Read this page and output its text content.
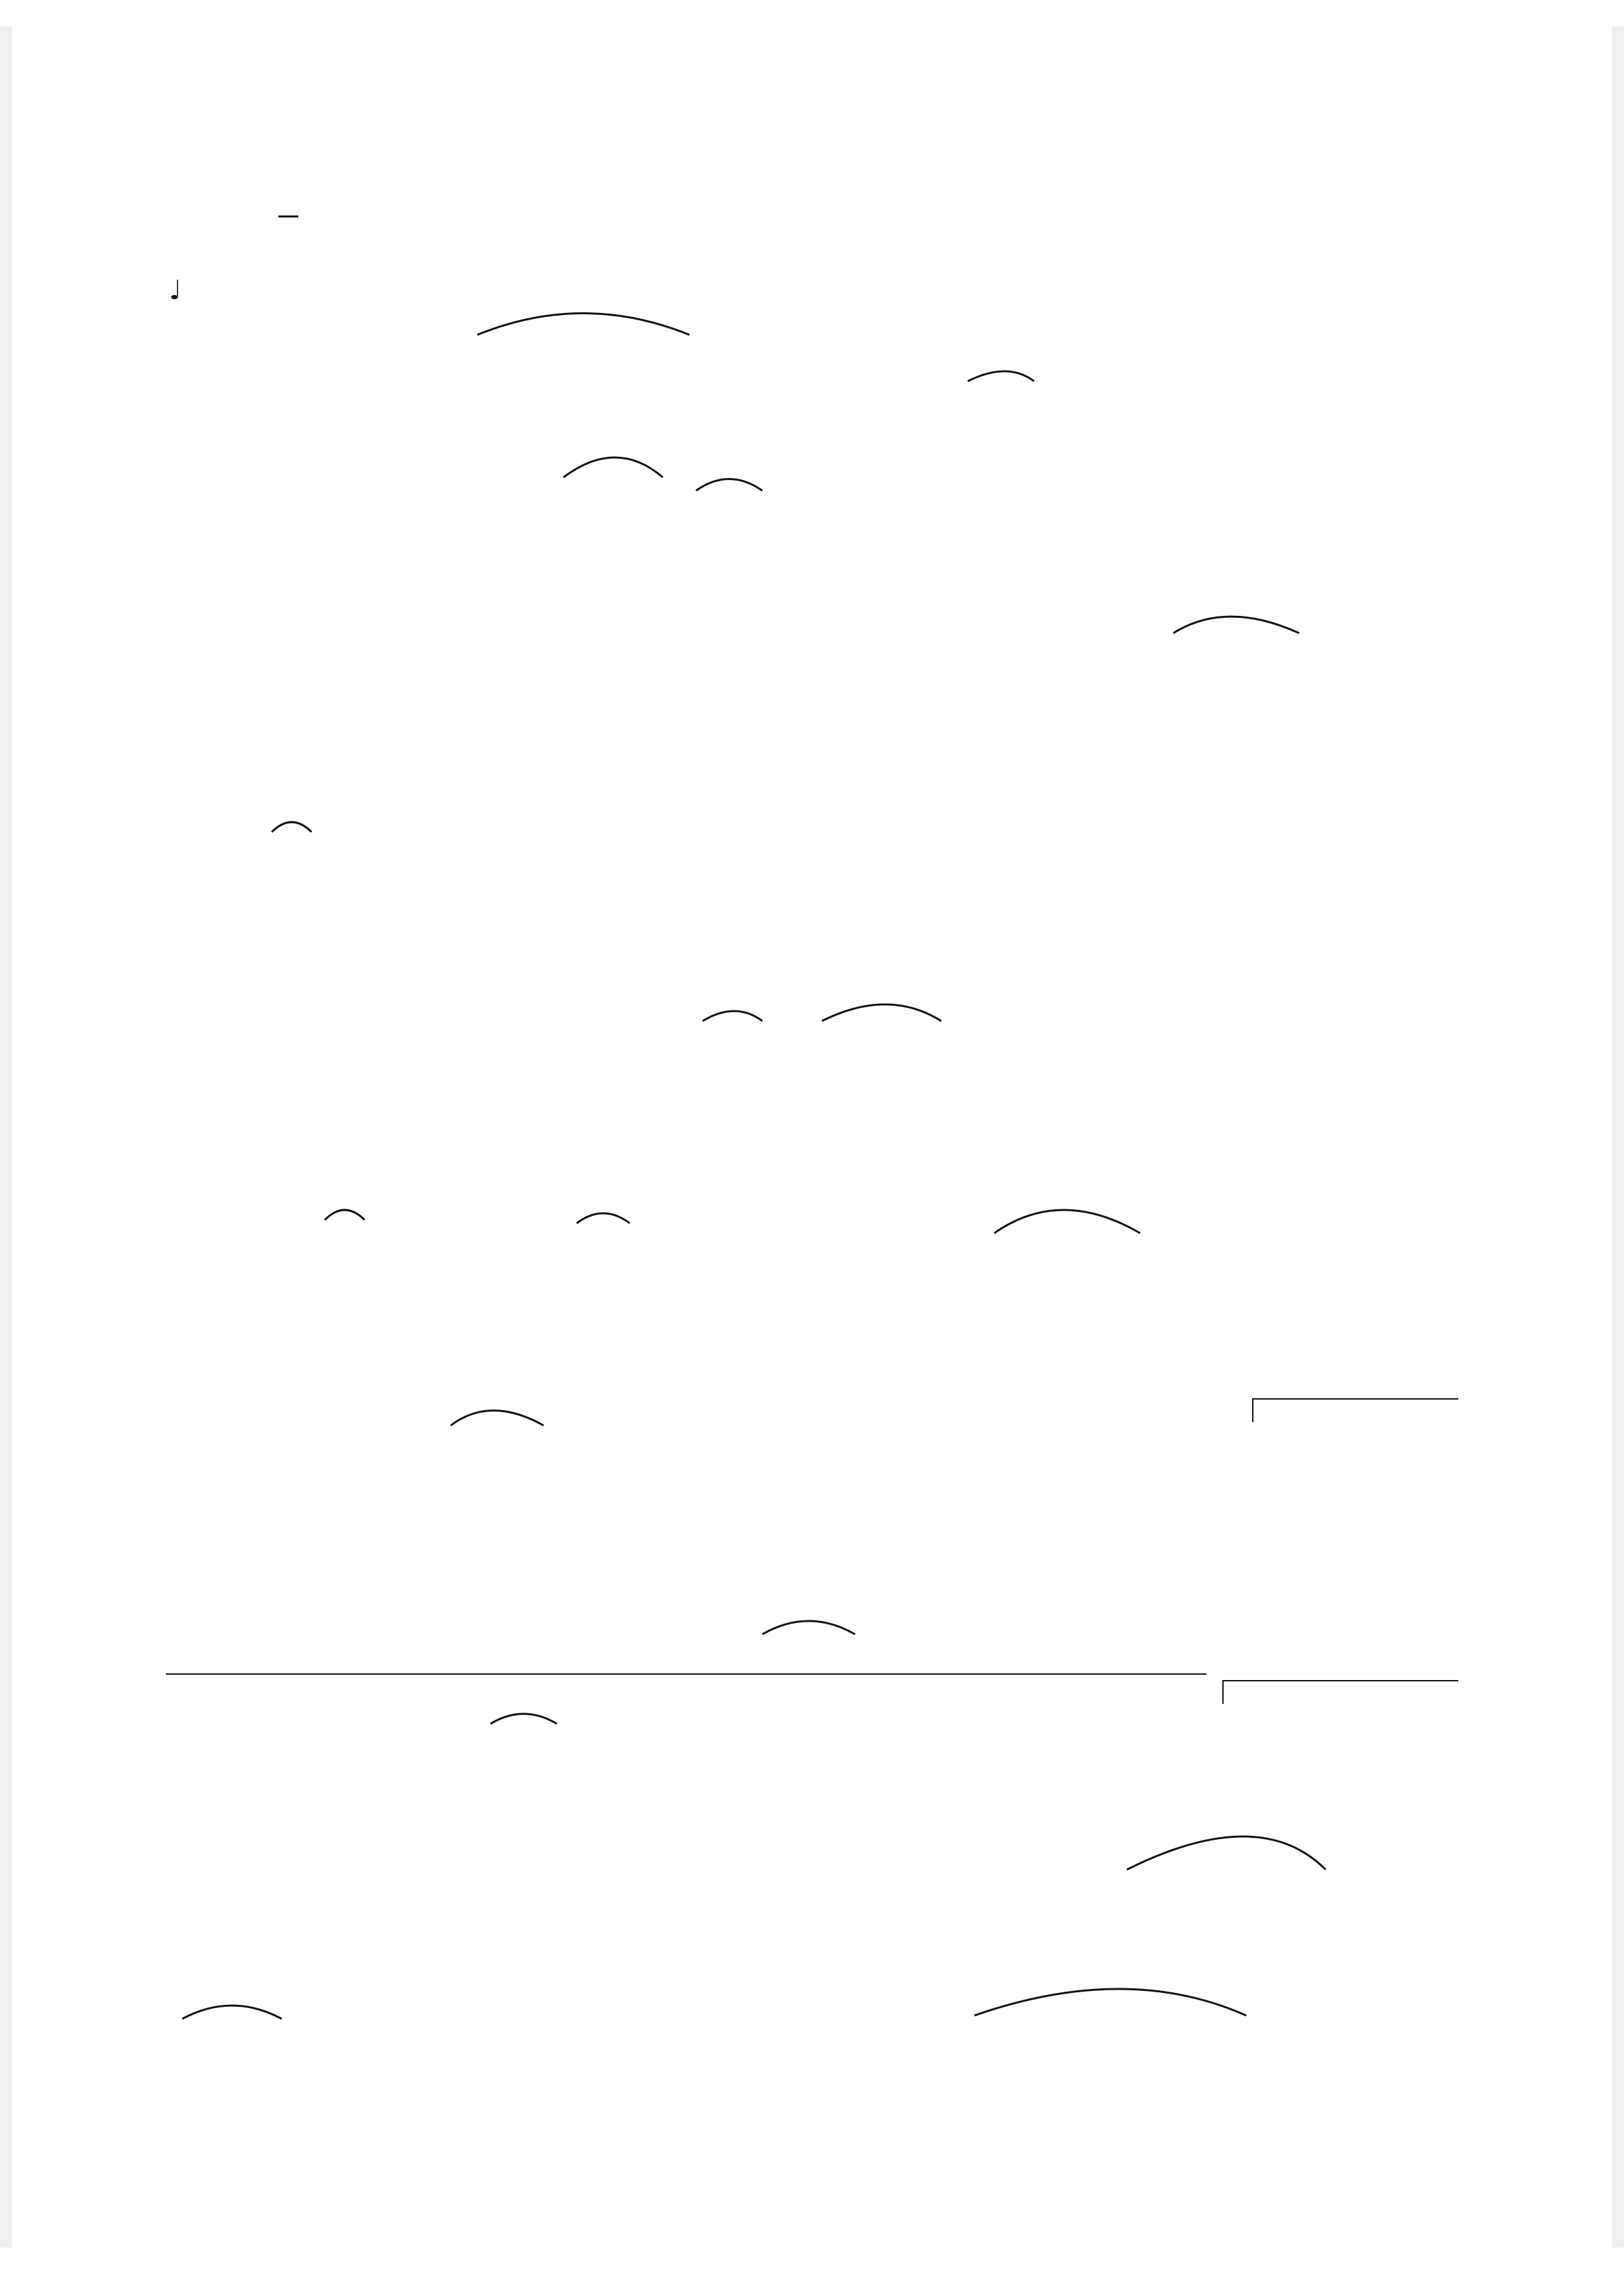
♩
